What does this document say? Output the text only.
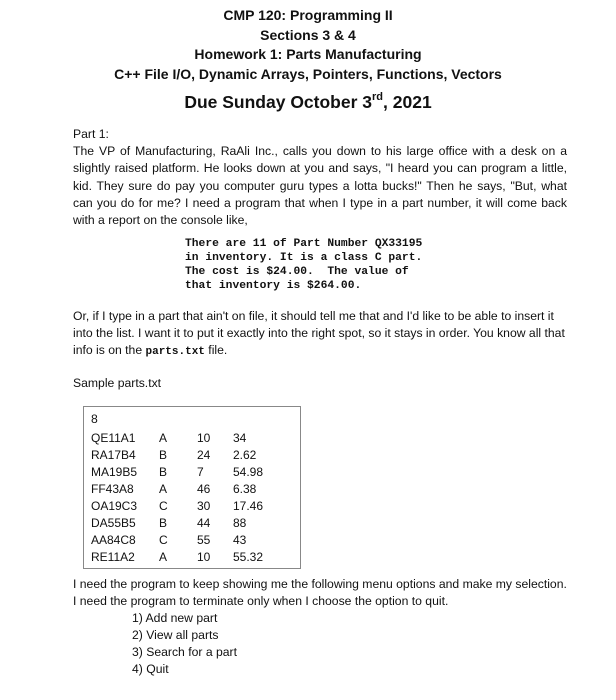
CMP 120: Programming II
Sections 3 & 4
Homework 1: Parts Manufacturing
C++ File I/O, Dynamic Arrays, Pointers, Functions, Vectors
Due Sunday October 3rd, 2021
Part 1:
The VP of Manufacturing, RaAli Inc., calls you down to his large office with a desk on a slightly raised platform. He looks down at you and says, "I heard you can program a little, kid. They sure do pay you computer guru types a lotta bucks!" Then he says, "But, what can you do for me? I need a program that when I type in a part number, it will come back with a report on the console like,
There are 11 of Part Number QX33195
in inventory. It is a class C part.
The cost is $24.00.  The value of
that inventory is $264.00.
Or, if I type in a part that ain't on file, it should tell me that and I'd like to be able to insert it into the list. I want it to put it exactly into the right spot, so it stays in order. You know all that info is on the parts.txt file.
Sample parts.txt
8
QE11A1	A	10	34
RA17B4	B	24	2.62
MA19B5	B	7	54.98
FF43A8	A	46	6.38
OA19C3	C	30	17.46
DA55B5	B	44	88
AA84C8	C	55	43
RE11A2	A	10	55.32
I need the program to keep showing me the following menu options and make my selection. I need the program to terminate only when I choose the option to quit.
1) Add new part
2) View all parts
3) Search for a part
4) Quit
